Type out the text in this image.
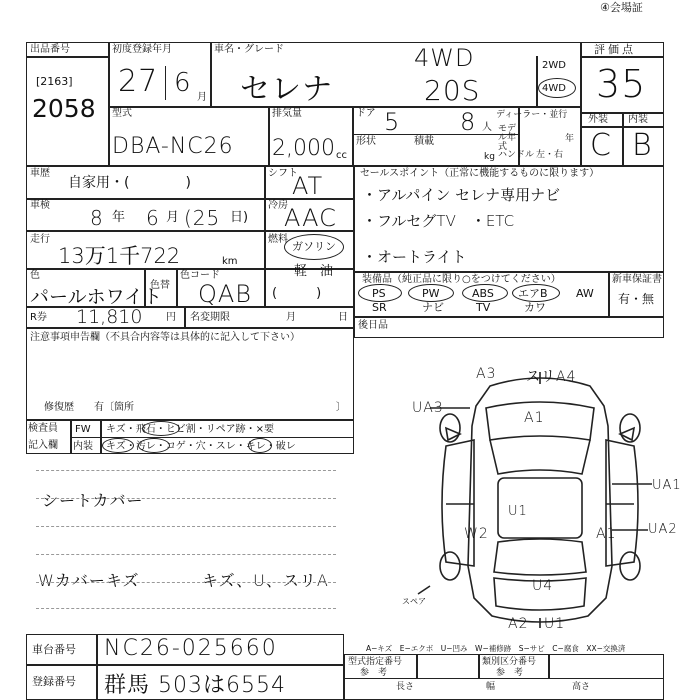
④会場証
出品番号
[2163]
2058
初度登録年月
27 6 月
車名・グレード
セレナ
4WD
20S
2WD
4WD
評価点
35
外装 内装
C B
型式
DBA-NC26
排気量
2,000 cc
ドア 5
形状	積載
8 人
kg
ディーラー・並行
モデル年式
年
ハンドル 左・右
車歴
自家用・(　　　　)
シフト
AT
車検
8 年 6 月 (25 日)
冷房
AAC
走行
13万1千722	km
燃料
ガソリン
軽　油
(　　　)
色
パールホワイト
色替
色コード
QAB
R券 11,810 円 名変期限	月	日
セールスポイント（正常に機能するものに限ります）
・アルパイン セレナ専用ナビ
・フルセグTV　・ETC
・オートライト
装備品（純正品に限り○をつけてください）	新車保証書
有・無
PS	PW	ABS エアB	AW
SR	ナビ	TV	カワ
後日品
注意事項申告欄（不具合内容等は具体的に記入して下さい）
修復歴　　有〔箇所	〕
検査員
記入欄
FW キズ・飛石・ヒビ割・リペア跡・×要
内装 キズ・汚レ・コゲ・穴・スレ・キレ・破レ
シートカバー
Wカバーキズ	キズ、U、スリA
A3 スリA4
UA3
A1
UA1
U1
W2	A1 UA2
U4
A2 U1
スペア
A−キズ　E−エクボ　U−凹み　W−補修跡　S−サビ　C−腐食　XX−交換済
車台番号 NC26-025660
登録番号 群馬 503は6554
型式指定番号
参　考
類別区分番号
参　考
長さ	幅	高さ
